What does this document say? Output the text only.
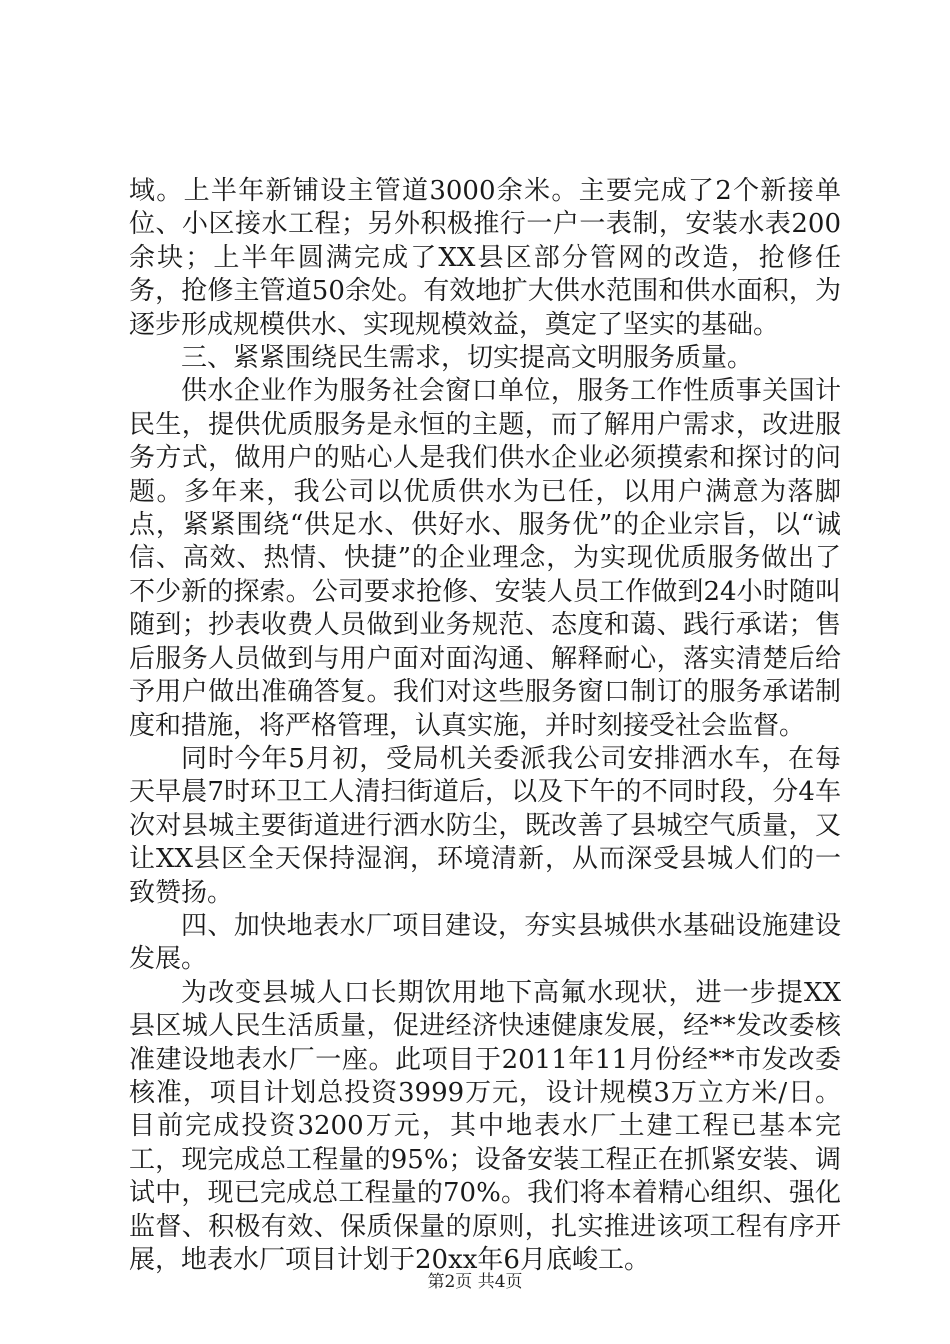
域。上半年新铺设主管道3000余米。主要完成了2个新接单位、小区接水工程；另外积极推行一户一表制，安装水表200余块；上半年圆满完成了XX县区部分管网的改造，抢修任务，抢修主管道50余处。有效地扩大供水范围和供水面积，为逐步形成规模供水、实现规模效益，奠定了坚实的基础。

三、紧紧围绕民生需求，切实提高文明服务质量。

供水企业作为服务社会窗口单位，服务工作性质事关国计民生，提供优质服务是永恒的主题，而了解用户需求，改进服务方式，做用户的贴心人是我们供水企业必须摸索和探讨的问题。多年来，我公司以优质供水为已任，以用户满意为落脚点，紧紧围绕“供足水、供好水、服务优”的企业宗旨，以“诚信、高效、热情、快捷”的企业理念，为实现优质服务做出了不少新的探索。公司要求抢修、安装人员工作做到24小时随叫随到；抄表收费人员做到业务规范、态度和蔼、践行承诺；售后服务人员做到与用户面对面沟通、解释耐心，落实清楚后给予用户做出准确答复。我们对这些服务窗口制订的服务承诺制度和措施，将严格管理，认真实施，并时刻接受社会监督。

同时今年5月初，受局机关委派我公司安排洒水车，在每天早晨7时环卫工人清扫街道后，以及下午的不同时段，分4车次对县城主要街道进行洒水防尘，既改善了县城空气质量，又让XX县区全天保持湿润，环境清新，从而深受县城人们的一致赞扬。

四、加快地表水厂项目建设，夯实县城供水基础设施建设发展。

为改变县城人口长期饮用地下高氟水现状，进一步提XX县区城人民生活质量，促进经济快速健康发展，经**发改委核准建设地表水厂一座。此项目于2011年11月份经**市发改委核准，项目计划总投资3999万元，设计规模3万立方米/日。目前完成投资3200万元，其中地表水厂土建工程已基本完工，现完成总工程量的95%；设备安装工程正在抓紧安装、调试中，现已完成总工程量的70%。我们将本着精心组织、强化监督、积极有效、保质保量的原则，扎实推进该项工程有序开展，地表水厂项目计划于20xx年6月底峻工。

第2页 共4页
